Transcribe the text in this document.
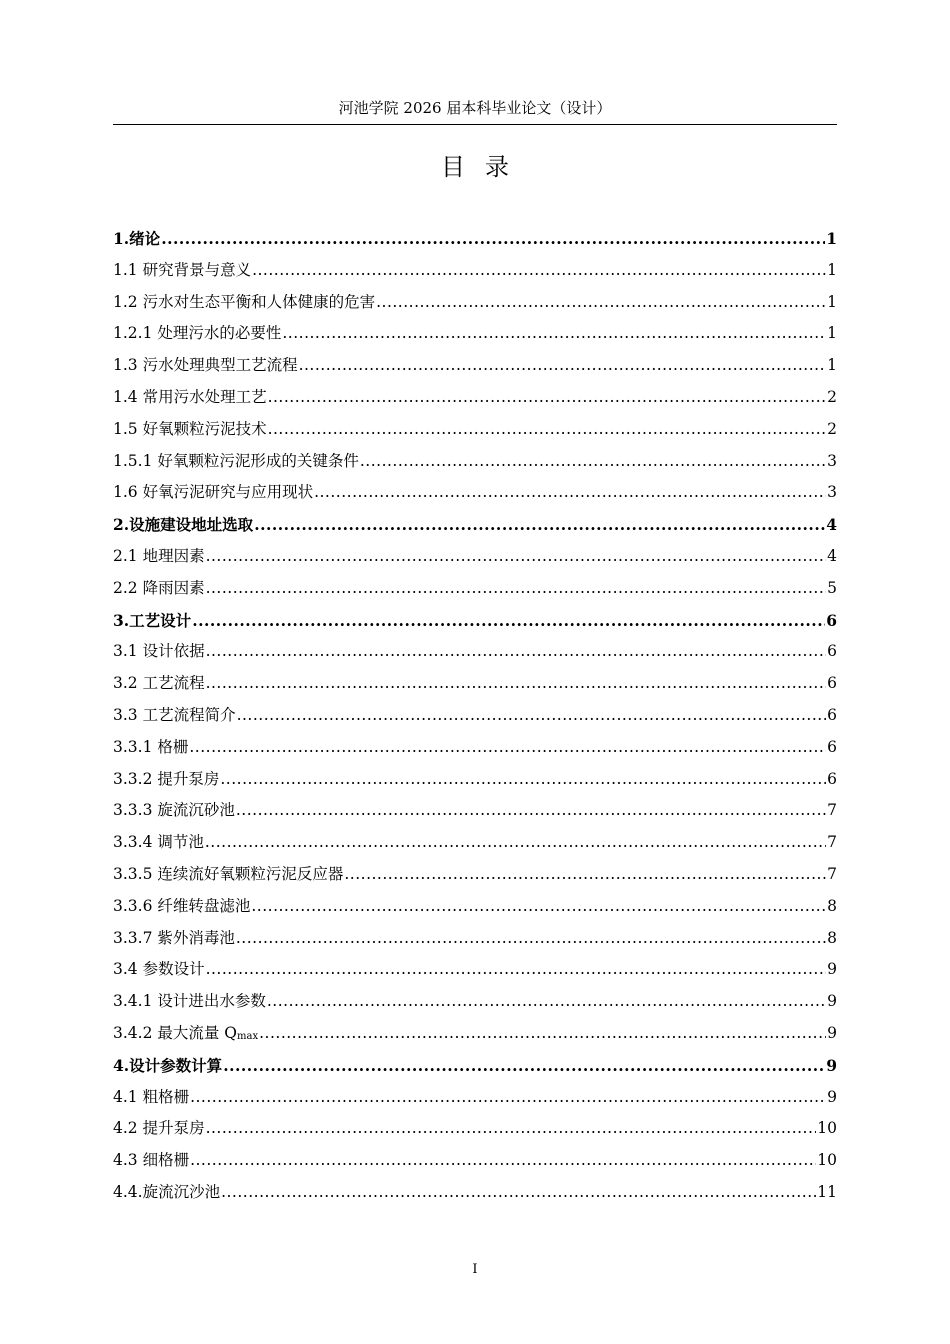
河池学院 2026 届本科毕业论文（设计）
目录
1.绪论 .....	1
1.1 研究背景与意义 .....	1
1.2 污水对生态平衡和人体健康的危害 .....	1
1.2.1 处理污水的必要性 .....	1
1.3 污水处理典型工艺流程 .....	1
1.4 常用污水处理工艺 .....	2
1.5 好氧颗粒污泥技术 .....	2
1.5.1 好氧颗粒污泥形成的关键条件 .....	3
1.6 好氧污泥研究与应用现状 .....	3
2.设施建设地址选取 .....	4
2.1 地理因素 .....	4
2.2 降雨因素 .....	5
3.工艺设计 .....	6
3.1 设计依据 .....	6
3.2 工艺流程 .....	6
3.3 工艺流程简介 .....	6
3.3.1 格栅 .....	6
3.3.2 提升泵房 .....	6
3.3.3 旋流沉砂池 .....	7
3.3.4 调节池 .....	7
3.3.5 连续流好氧颗粒污泥反应器 .....	7
3.3.6 纤维转盘滤池 .....	8
3.3.7 紫外消毒池 .....	8
3.4 参数设计 .....	9
3.4.1 设计进出水参数 .....	9
3.4.2 最大流量 $Q_{max}$ .....	9
4.设计参数计算 .....	9
4.1 粗格栅 .....	9
4.2 提升泵房 .....	10
4.3 细格栅 .....	10
4.4.旋流沉沙池 .....	11
I
